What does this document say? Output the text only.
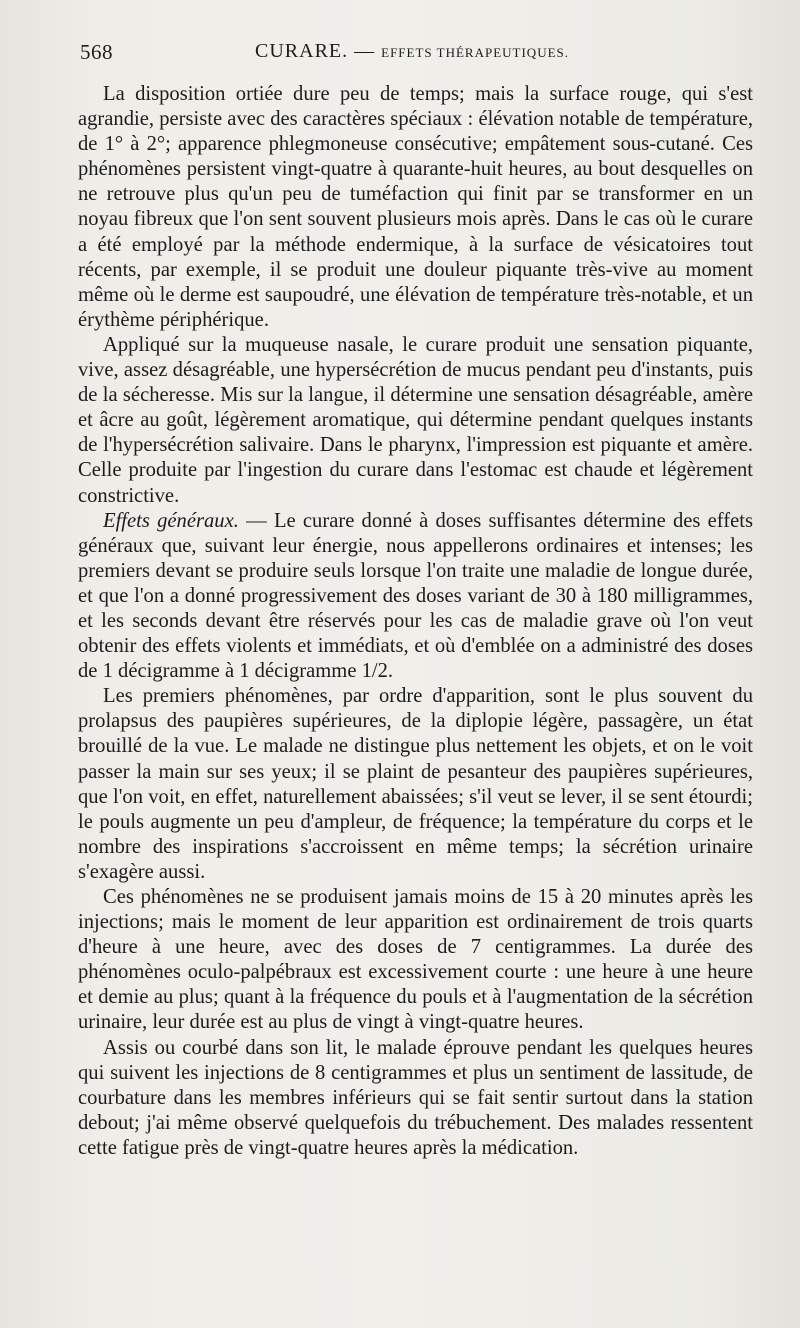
568	CURARE. — EFFETS THÉRAPEUTIQUES.

La disposition ortiée dure peu de temps; mais la surface rouge, qui s'est agrandie, persiste avec des caractères spéciaux : élévation notable de température, de 1° à 2°; apparence phlegmoneuse consécutive; empâtement sous-cutané. Ces phénomènes persistent vingt-quatre à quarante-huit heures, au bout desquelles on ne retrouve plus qu'un peu de tuméfaction qui finit par se transformer en un noyau fibreux que l'on sent souvent plusieurs mois après. Dans le cas où le curare a été employé par la méthode endermique, à la surface de vésicatoires tout récents, par exemple, il se produit une douleur piquante très-vive au moment même où le derme est saupoudré, une élévation de température très-notable, et un érythème périphérique.

Appliqué sur la muqueuse nasale, le curare produit une sensation piquante, vive, assez désagréable, une hypersécrétion de mucus pendant peu d'instants, puis de la sécheresse. Mis sur la langue, il détermine une sensation désagréable, amère et âcre au goût, légèrement aromatique, qui détermine pendant quelques instants de l'hypersécrétion salivaire. Dans le pharynx, l'impression est piquante et amère. Celle produite par l'ingestion du curare dans l'estomac est chaude et légèrement constrictive.

Effets généraux. — Le curare donné à doses suffisantes détermine des effets généraux que, suivant leur énergie, nous appellerons ordinaires et intenses; les premiers devant se produire seuls lorsque l'on traite une maladie de longue durée, et que l'on a donné progressivement des doses variant de 30 à 180 milligrammes, et les seconds devant être réservés pour les cas de maladie grave où l'on veut obtenir des effets violents et immédiats, et où d'emblée on a administré des doses de 1 décigramme à 1 décigramme 1/2.

Les premiers phénomènes, par ordre d'apparition, sont le plus souvent du prolapsus des paupières supérieures, de la diplopie légère, passagère, un état brouillé de la vue. Le malade ne distingue plus nettement les objets, et on le voit passer la main sur ses yeux; il se plaint de pesanteur des paupières supérieures, que l'on voit, en effet, naturellement abaissées; s'il veut se lever, il se sent étourdi; le pouls augmente un peu d'ampleur, de fréquence; la température du corps et le nombre des inspirations s'accroissent en même temps; la sécrétion urinaire s'exagère aussi.

Ces phénomènes ne se produisent jamais moins de 15 à 20 minutes après les injections; mais le moment de leur apparition est ordinairement de trois quarts d'heure à une heure, avec des doses de 7 centigrammes. La durée des phénomènes oculo-palpébraux est excessivement courte : une heure à une heure et demie au plus; quant à la fréquence du pouls et à l'augmentation de la sécrétion urinaire, leur durée est au plus de vingt à vingt-quatre heures.

Assis ou courbé dans son lit, le malade éprouve pendant les quelques heures qui suivent les injections de 8 centigrammes et plus un sentiment de lassitude, de courbature dans les membres inférieurs qui se fait sentir surtout dans la station debout; j'ai même observé quelquefois du trébuchement. Des malades ressentent cette fatigue près de vingt-quatre heures après la médication.
